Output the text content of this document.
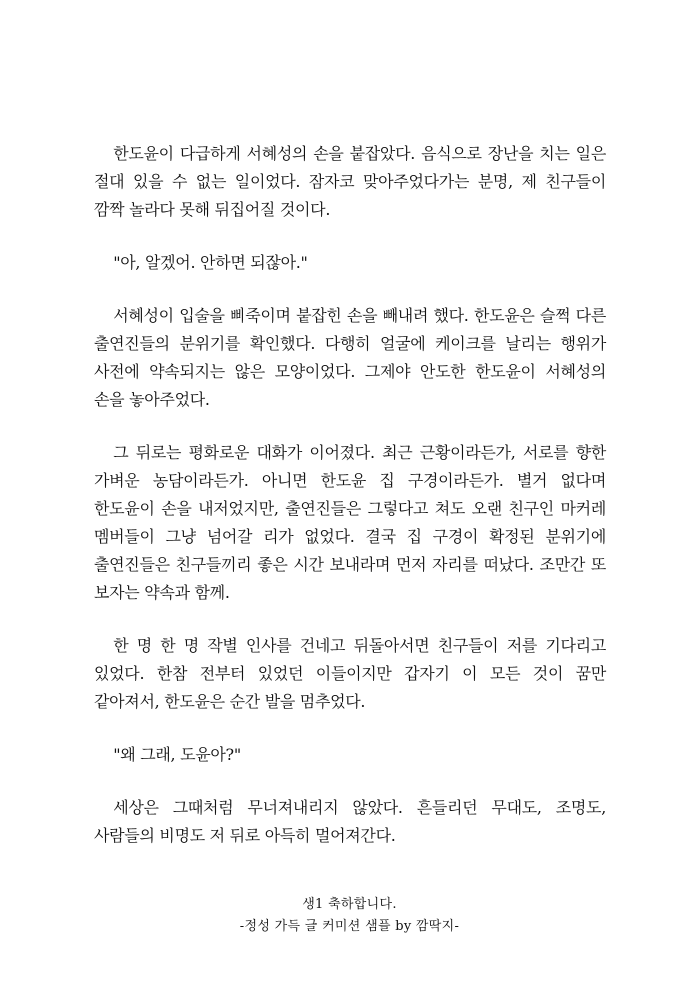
한도윤이 다급하게 서혜성의 손을 붙잡았다. 음식으로 장난을 치는 일은 절대 있을 수 없는 일이었다. 잠자코 맞아주었다가는 분명, 제 친구들이 깜짝 놀라다 못해 뒤집어질 것이다.

"아, 알겠어. 안하면 되잖아."

서혜성이 입술을 삐죽이며 붙잡힌 손을 빼내려 했다. 한도윤은 슬쩍 다른 출연진들의 분위기를 확인했다. 다행히 얼굴에 케이크를 날리는 행위가 사전에 약속되지는 않은 모양이었다. 그제야 안도한 한도윤이 서혜성의 손을 놓아주었다.

그 뒤로는 평화로운 대화가 이어졌다. 최근 근황이라든가, 서로를 향한 가벼운 농담이라든가. 아니면 한도윤 집 구경이라든가. 별거 없다며 한도윤이 손을 내저었지만, 출연진들은 그렇다고 쳐도 오랜 친구인 마커레 멤버들이 그냥 넘어갈 리가 없었다. 결국 집 구경이 확정된 분위기에 출연진들은 친구들끼리 좋은 시간 보내라며 먼저 자리를 떠났다. 조만간 또 보자는 약속과 함께.

한 명 한 명 작별 인사를 건네고 뒤돌아서면 친구들이 저를 기다리고 있었다. 한참 전부터 있었던 이들이지만 갑자기 이 모든 것이 꿈만 같아져서, 한도윤은 순간 발을 멈추었다.

"왜 그래, 도윤아?"

세상은 그때처럼 무너져내리지 않았다. 흔들리던 무대도, 조명도, 사람들의 비명도 저 뒤로 아득히 멀어져간다.

생1 축하합니다.
-정성 가득 글 커미션 샘플 by 깜딱지-
